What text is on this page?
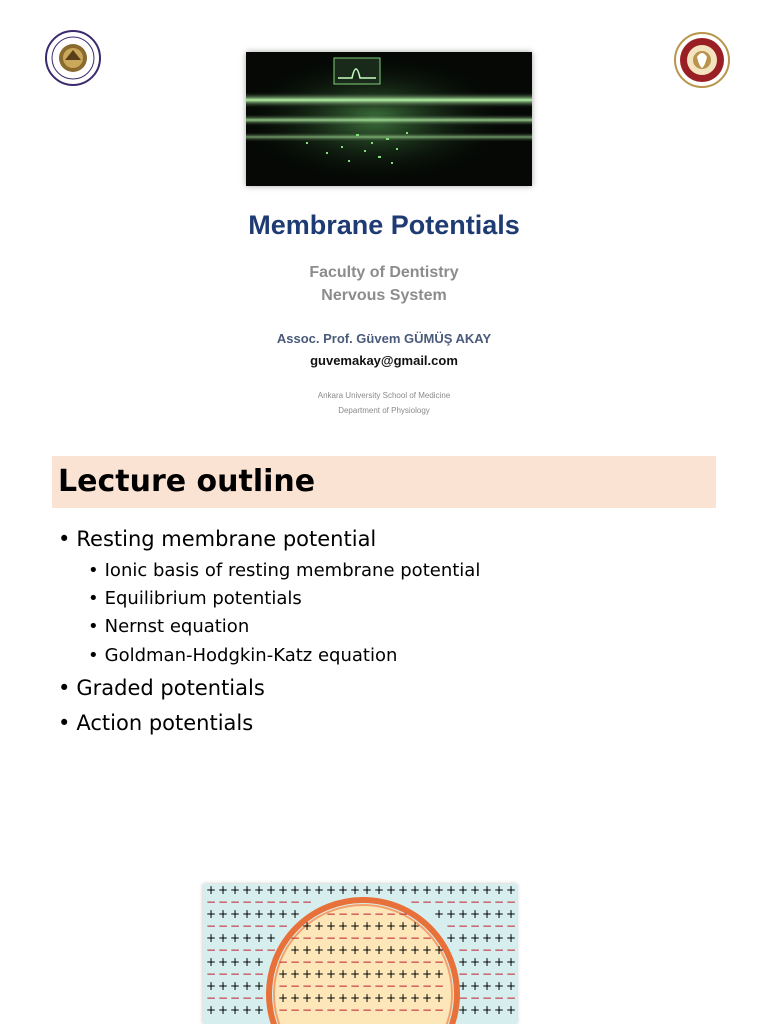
Membrane Potentials
Faculty of Dentistry
Nervous System
Assoc. Prof. Güvem GÜMÜŞ AKAY
guvemakay@gmail.com
Ankara University School of Medicine
Department of Physiology
Lecture outline
• Resting membrane potential
• Ionic basis of resting membrane potential
• Equilibrium potentials
• Nernst equation
• Goldman-Hodgkin-Katz equation
• Graded potentials
• Action potentials
+ + + + + + + + + + + + + + + + + + + + + + + + + +
− − − − − − − − −	− − − − − − − − −
+ + + + + + + +	+ + + + + + +
− − − − − − −	− − − − − −
+ + + + + +	+ + + + + +
− − − − − −	− − − − −
+ + + + +	+ + + + +
− − − − −	− − − − −
+ + + + +	+ + + + +
− − − − −	− − − − −
+ + + + +	+ + + + +
− − − − − − −
+ + + + + + + + + +
− − − − − − − − − − − −
+ + + + + + + + + + + + +
− − − − − − − − − − − − − −
+ + + + + + + + + + + + + +
− − − − − − − − − − − − − −
+ + + + + + + + + + + + + +
− − − − − − − − − − − − − −
